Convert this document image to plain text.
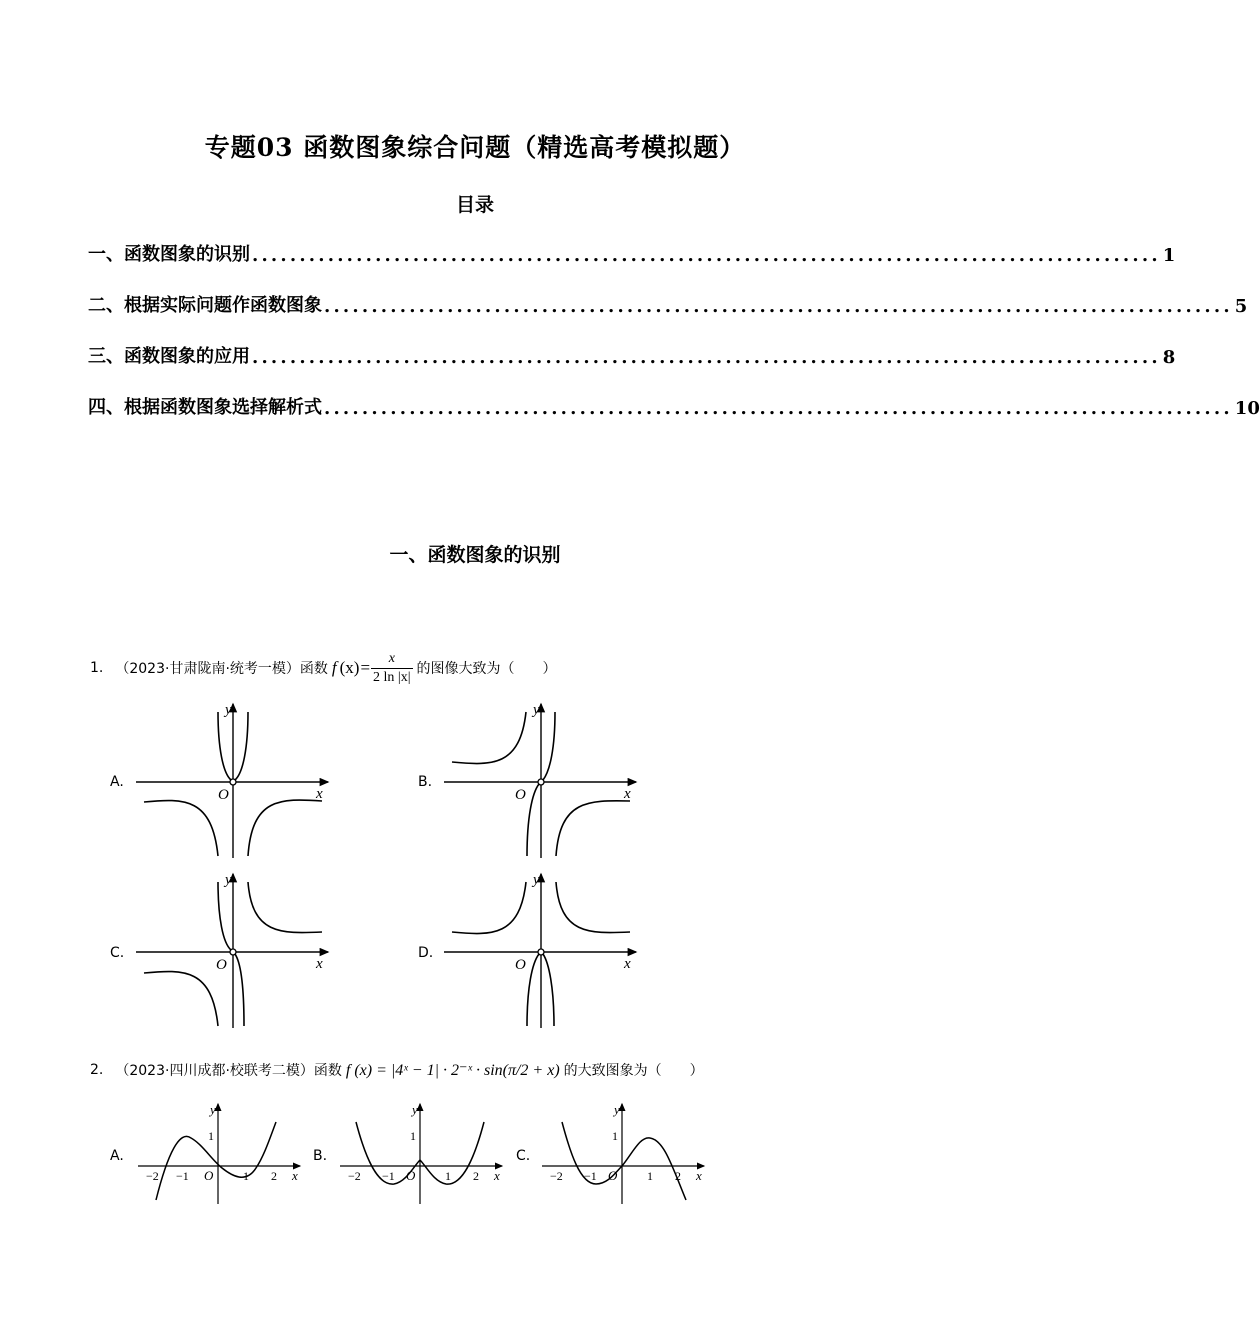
专题03 函数图象综合问题（精选高考模拟题）
目录
一、函数图象的识别 ................................................................................................ 1
二、根据实际问题作函数图象 ................................................................................................ 5
三、函数图象的应用 ................................................................................................ 8
四、根据函数图象选择解析式 ................................................................................................ 10
一、函数图象的识别
1. （2023·甘肃陇南·统考一模）函数 f $(x) = \frac{x}{2 \ln |x|}$ 的图像大致为（　　）
A.	B.
C.	D.
y
x
O
y
x
O
y
x
O
y
x
O
2. （2023·四川成都·校联考二模）函数 f (x) = |4ˣ − 1| · 2⁻ˣ · sin(π/2 + x) 的大致图象为（　　）
A.	B.	C.
y
1
x
O
−2 −1	1 2
y
1
x
O
−2 −1	1 2
y
1
x
O
−2 −1	1 2
